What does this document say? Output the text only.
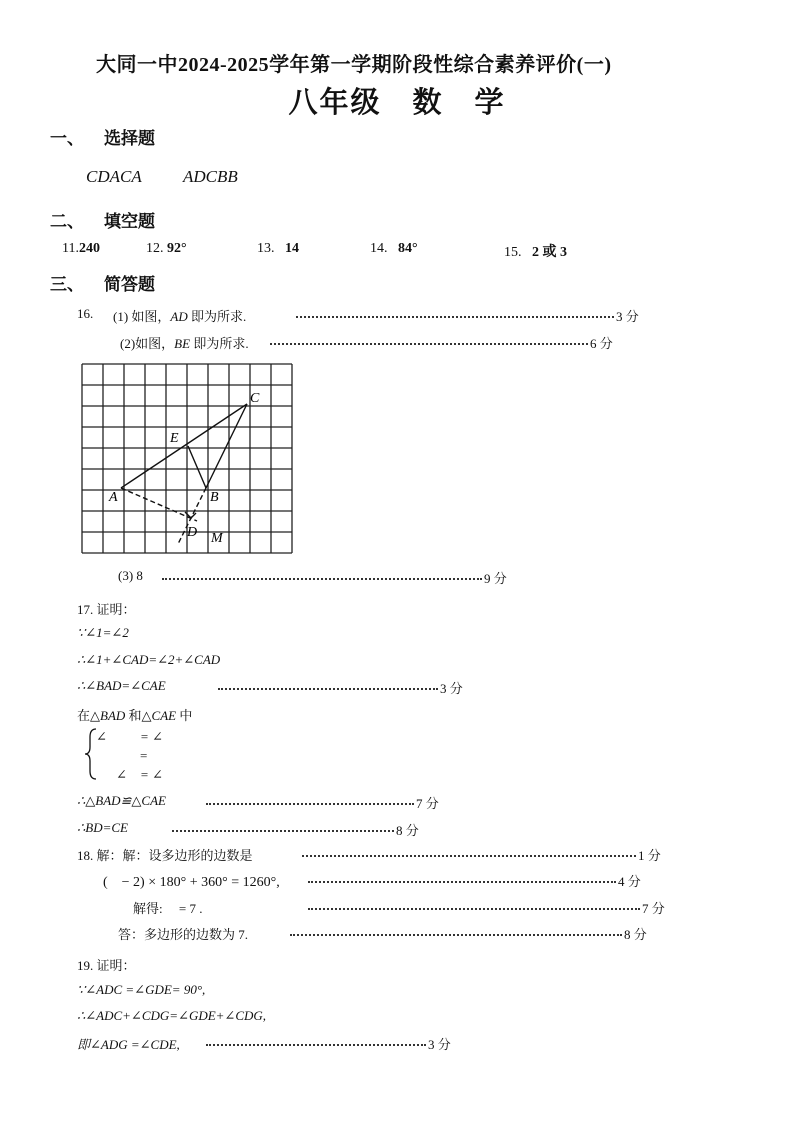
大同一中2024-2025学年第一学期阶段性综合素养评价(一)
八年级　数　学
一、 选择题
CDACA ADCBB
二、 填空题
11.240	12. 92°	13. 14	14. 84°	15. 2 或 3
三、 简答题
16. (1) 如图，AD 即为所求.	3 分
(2)如图，BE 即为所求.	6 分
A	B
C
D
E
M
(3) 8	9 分
17. 证明：
∵∠1=∠2
∴∠1+∠CAD=∠2+∠CAD
∴∠BAD=∠CAE	3 分
在△BAD 和△CAE 中
∠	= ∠
=
∠ = ∠
∴△BAD≌△CAE	7 分
∴BD=CE	8 分
18. 解：解：设多边形的边数是	1 分
(　− 2) × 180° + 360° = 1260°,	4 分
解得:　 = 7 .	7 分
答：多边形的边数为 7.	8 分
19. 证明：
∵∠ADC =∠GDE= 90°,
∴∠ADC+∠CDG=∠GDE+∠CDG,
即∠ADG =∠CDE,	3 分
